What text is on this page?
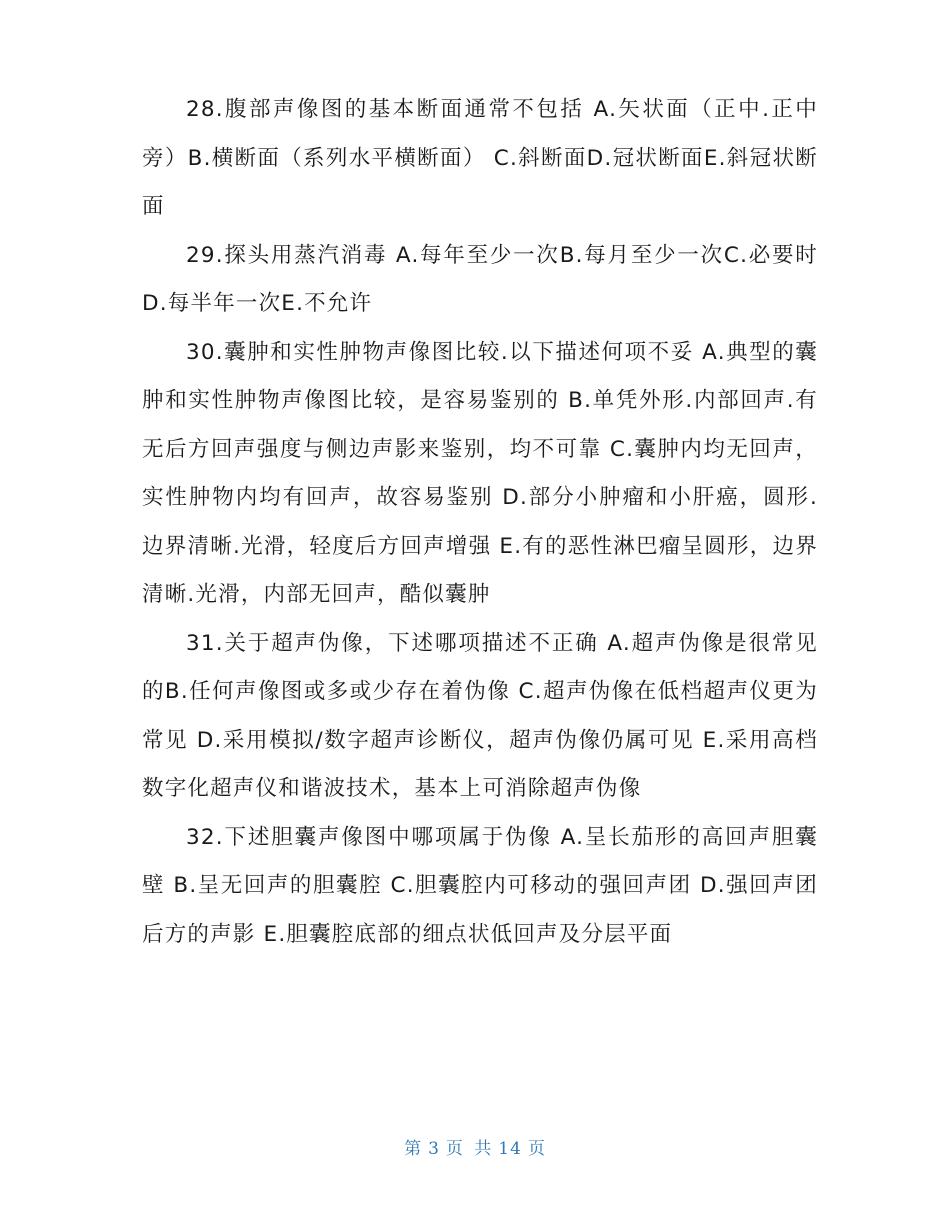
28.腹部声像图的基本断面通常不包括 A.矢状面（正中.正中旁）B.横断面（系列水平横断面） C.斜断面D.冠状断面E.斜冠状断面

29.探头用蒸汽消毒 A.每年至少一次B.每月至少一次C.必要时D.每半年一次E.不允许

30.囊肿和实性肿物声像图比较.以下描述何项不妥 A.典型的囊肿和实性肿物声像图比较，是容易鉴别的 B.单凭外形.内部回声.有无后方回声强度与侧边声影来鉴别，均不可靠 C.囊肿内均无回声，实性肿物内均有回声，故容易鉴别 D.部分小肿瘤和小肝癌，圆形.边界清晰.光滑，轻度后方回声增强 E.有的恶性淋巴瘤呈圆形，边界清晰.光滑，内部无回声，酷似囊肿

31.关于超声伪像，下述哪项描述不正确 A.超声伪像是很常见的B.任何声像图或多或少存在着伪像 C.超声伪像在低档超声仪更为常见 D.采用模拟/数字超声诊断仪，超声伪像仍属可见 E.采用高档数字化超声仪和谐波技术，基本上可消除超声伪像

32.下述胆囊声像图中哪项属于伪像 A.呈长茄形的高回声胆囊壁 B.呈无回声的胆囊腔 C.胆囊腔内可移动的强回声团 D.强回声团后方的声影 E.胆囊腔底部的细点状低回声及分层平面

第 3 页 共 14 页
